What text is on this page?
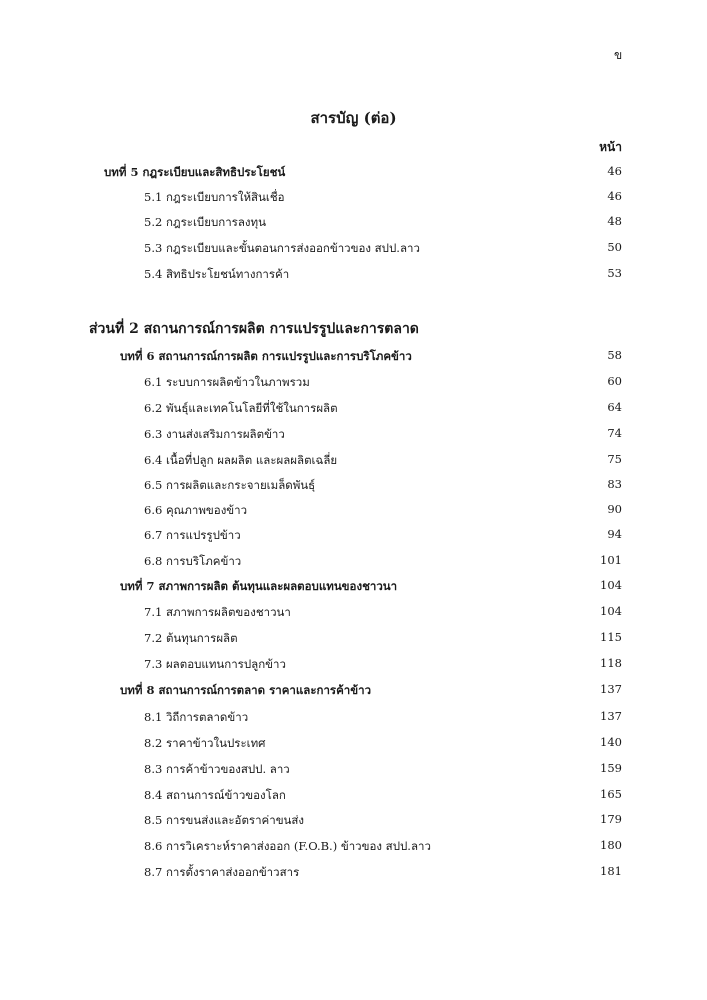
ข
สารบัญ (ต่อ)
หน้า
บทที่ 5 กฎระเบียบและสิทธิประโยชน์	46
5.1 กฎระเบียบการให้สินเชื่อ	46
5.2 กฎระเบียบการลงทุน	48
5.3 กฎระเบียบและขั้นตอนการส่งออกข้าวของ สปป.ลาว	50
5.4 สิทธิประโยชน์ทางการค้า	53
ส่วนที่ 2 สถานการณ์การผลิต การแปรรูปและการตลาด
บทที่ 6 สถานการณ์การผลิต การแปรรูปและการบริโภคข้าว	58
6.1 ระบบการผลิตข้าวในภาพรวม	60
6.2 พันธุ์และเทคโนโลยีที่ใช้ในการผลิต	64
6.3 งานส่งเสริมการผลิตข้าว	74
6.4 เนื้อที่ปลูก ผลผลิต และผลผลิตเฉลี่ย	75
6.5 การผลิตและกระจายเมล็ดพันธุ์	83
6.6 คุณภาพของข้าว	90
6.7 การแปรรูปข้าว	94
6.8 การบริโภคข้าว	101
บทที่ 7 สภาพการผลิต ต้นทุนและผลตอบแทนของชาวนา	104
7.1 สภาพการผลิตของชาวนา	104
7.2 ต้นทุนการผลิต	115
7.3 ผลตอบแทนการปลูกข้าว	118
บทที่ 8 สถานการณ์การตลาด ราคาและการค้าข้าว	137
8.1 วิถีการตลาดข้าว	137
8.2 ราคาข้าวในประเทศ	140
8.3 การค้าข้าวของสปป. ลาว	159
8.4 สถานการณ์ข้าวของโลก	165
8.5 การขนส่งและอัตราค่าขนส่ง	179
8.6 การวิเคราะห์ราคาส่งออก (F.O.B.) ข้าวของ สปป.ลาว	180
8.7 การตั้งราคาส่งออกข้าวสาร	181
